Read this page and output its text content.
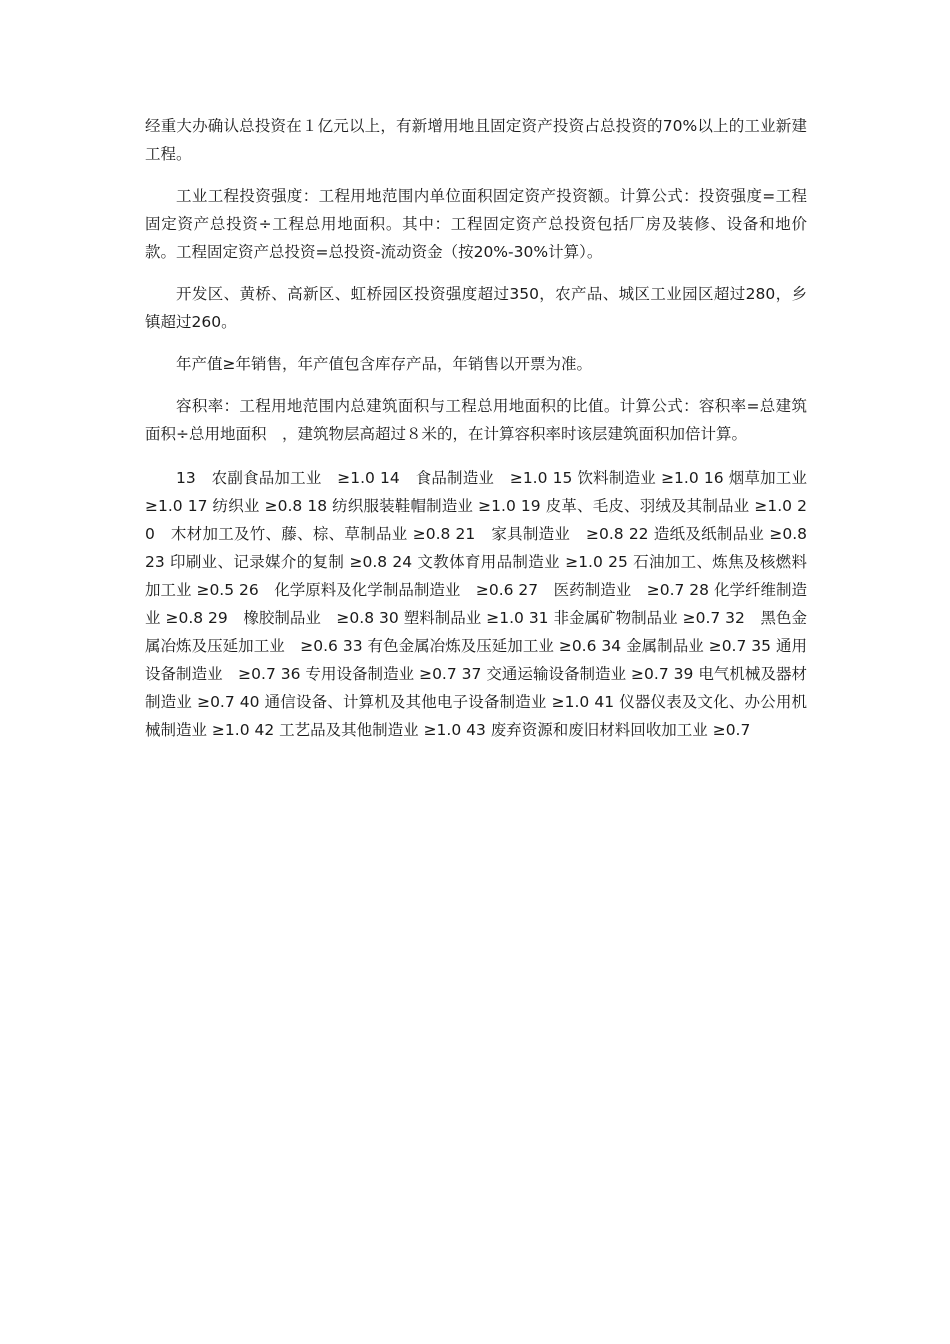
经重大办确认总投资在１亿元以上，有新增用地且固定资产投资占总投资的70%以上的工业新建工程。

工业工程投资强度：工程用地范围内单位面积固定资产投资额。计算公式：投资强度=工程固定资产总投资÷工程总用地面积。其中：工程固定资产总投资包括厂房及装修、设备和地价款。工程固定资产总投资=总投资-流动资金（按20%-30%计算）。

开发区、黄桥、高新区、虹桥园区投资强度超过350，农产品、城区工业园区超过280，乡镇超过260。

年产值≥年销售，年产值包含库存产品，年销售以开票为准。

容积率：工程用地范围内总建筑面积与工程总用地面积的比值。计算公式：容积率=总建筑面积÷总用地面积　，建筑物层高超过８米的，在计算容积率时该层建筑面积加倍计算。

13　农副食品加工业　≥1.0 14　食品制造业　≥1.0 15 饮料制造业 ≥1.0 16 烟草加工业 ≥1.0 17 纺织业 ≥0.8 18 纺织服装鞋帽制造业 ≥1.0 19 皮革、毛皮、羽绒及其制品业 ≥1.0 20　木材加工及竹、藤、棕、草制品业 ≥0.8 21　家具制造业　≥0.8 22 造纸及纸制品业 ≥0.8 23 印刷业、记录媒介的复制 ≥0.8 24 文教体育用品制造业 ≥1.0 25 石油加工、炼焦及核燃料加工业 ≥0.5 26　化学原料及化学制品制造业　≥0.6 27　医药制造业　≥0.7 28 化学纤维制造业 ≥0.8 29　橡胶制品业　≥0.8 30 塑料制品业 ≥1.0 31 非金属矿物制品业 ≥0.7 32　黑色金属冶炼及压延加工业　≥0.6 33 有色金属冶炼及压延加工业 ≥0.6 34 金属制品业 ≥0.7 35 通用设备制造业　≥0.7 36 专用设备制造业 ≥0.7 37 交通运输设备制造业 ≥0.7 39 电气机械及器材制造业 ≥0.7 40 通信设备、计算机及其他电子设备制造业 ≥1.0 41 仪器仪表及文化、办公用机械制造业 ≥1.0 42 工艺品及其他制造业 ≥1.0 43 废弃资源和废旧材料回收加工业 ≥0.7
